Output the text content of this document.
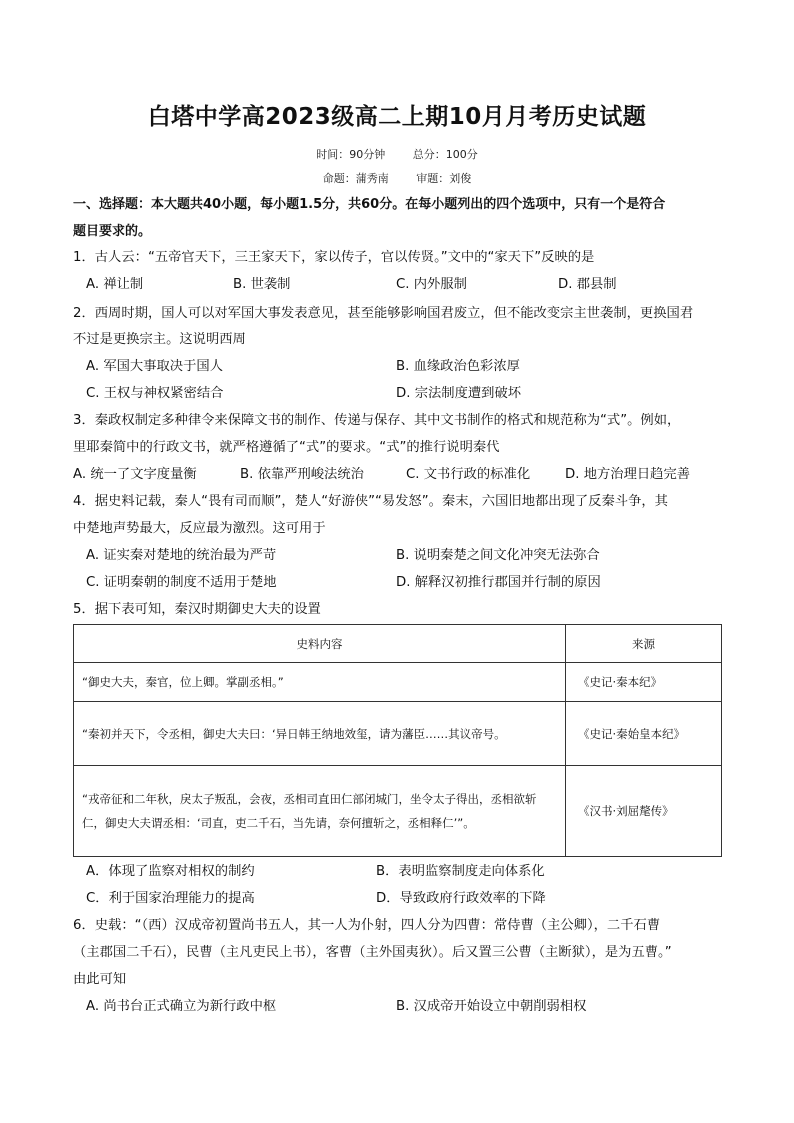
白塔中学高2023级高二上期10月月考历史试题
时间：90分钟	总分：100分
命题：蒲秀南	审题：刘俊
一、选择题：本大题共40小题，每小题1.5分，共60分。在每小题列出的四个选项中，只有一个是符合
题目要求的。
1．古人云：“五帝官天下，三王家天下，家以传子，官以传贤。”文中的“家天下”反映的是
A. 禅让制	B. 世袭制	C. 内外服制	D. 郡县制
2．西周时期，国人可以对军国大事发表意见，甚至能够影响国君废立，但不能改变宗主世袭制，更换国君
不过是更换宗主。这说明西周
A. 军国大事取决于国人	B. 血缘政治色彩浓厚
C. 王权与神权紧密结合	D. 宗法制度遭到破坏
3．秦政权制定多种律令来保障文书的制作、传递与保存、其中文书制作的格式和规范称为“式”。例如，
里耶秦简中的行政文书，就严格遵循了“式”的要求。“式”的推行说明秦代
A. 统一了文字度量衡	B. 依靠严刑峻法统治	C. 文书行政的标准化	D. 地方治理日趋完善
4．据史料记载，秦人“畏有司而顺”，楚人“好游侠”“易发怒”。秦末，六国旧地都出现了反秦斗争，其
中楚地声势最大，反应最为激烈。这可用于
A. 证实秦对楚地的统治最为严苛	B. 说明秦楚之间文化冲突无法弥合
C. 证明秦朝的制度不适用于楚地	D. 解释汉初推行郡国并行制的原因
5．据下表可知，秦汉时期御史大夫的设置
史料内容	来源
“御史大夫，秦官，位上卿。掌副丞相。”	《史记·秦本纪》
“秦初并天下，令丞相，御史大夫曰：‘异日韩王纳地效玺，请为藩臣……其议帝号。	《史记·秦始皇本纪》
“戎帝征和二年秋，戾太子叛乱，会夜，丞相司直田仁部闭城门，坐令太子得出，丞相欲斩仁，御史大夫谓丞相：‘司直，吏二千石，当先请，奈何擅斩之，丞相释仁’”。	《汉书·刘屈氂传》
A．体现了监察对相权的制约	B．表明监察制度走向体系化
C．利于国家治理能力的提高	D．导致政府行政效率的下降
6．史载：“（西）汉成帝初置尚书五人，其一人为仆射，四人分为四曹：常侍曹（主公卿），二千石曹
（主郡国二千石），民曹（主凡吏民上书），客曹（主外国夷狄）。后又置三公曹（主断狱），是为五曹。”
由此可知
A. 尚书台正式确立为新行政中枢	B. 汉成帝开始设立中朝削弱相权
